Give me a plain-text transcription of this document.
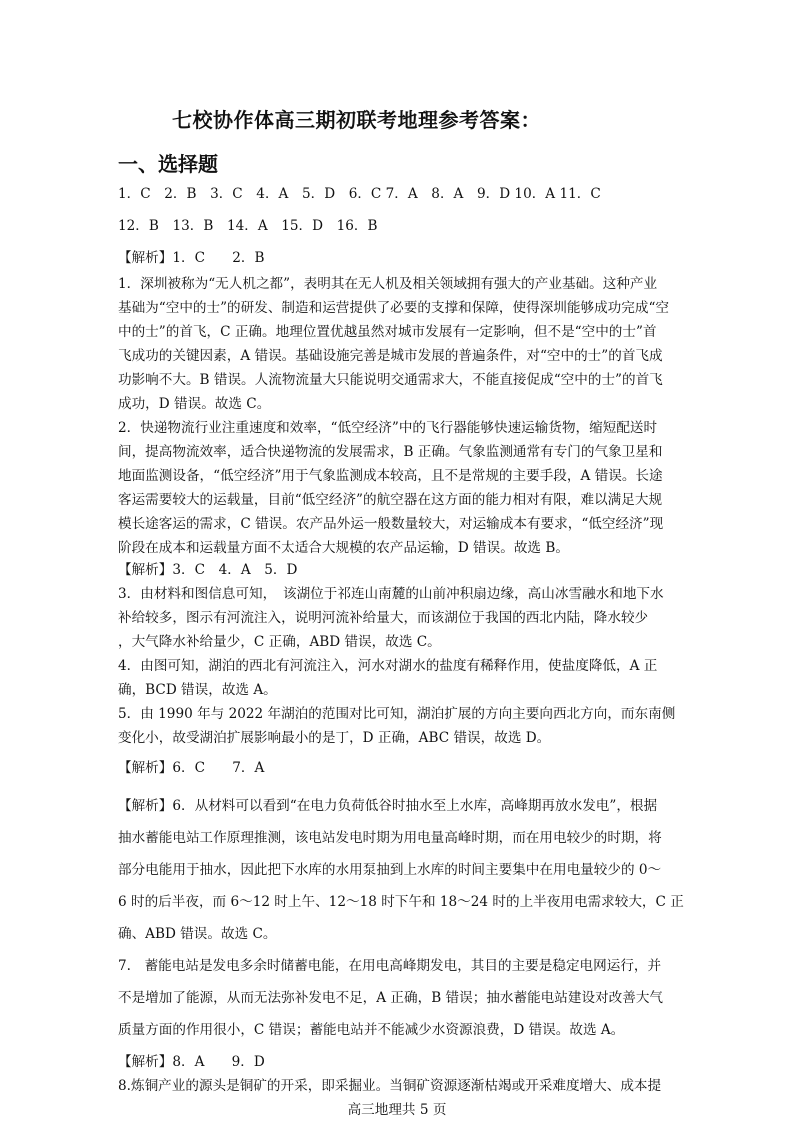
七校协作体高三期初联考地理参考答案：
一、选择题
1．C　2．B　3．C　4．A　5．D　6．C 7．A　8．A　9．D 10．A 11．C
12．B　13．B　14．A　15．D　16．B
【解析】1．C　　2．B
1．深圳被称为“无人机之都”，表明其在无人机及相关领域拥有强大的产业基础。这种产业
基础为“空中的士”的研发、制造和运营提供了必要的支撑和保障，使得深圳能够成功完成“空
中的士”的首飞，C 正确。地理位置优越虽然对城市发展有一定影响，但不是“空中的士”首
飞成功的关键因素，A 错误。基础设施完善是城市发展的普遍条件，对“空中的士”的首飞成
功影响不大。B 错误。人流物流量大只能说明交通需求大，不能直接促成“空中的士”的首飞
成功，D 错误。故选 C。
2．快递物流行业注重速度和效率，“低空经济”中的飞行器能够快速运输货物，缩短配送时
间，提高物流效率，适合快递物流的发展需求，B 正确。气象监测通常有专门的气象卫星和
地面监测设备，“低空经济”用于气象监测成本较高，且不是常规的主要手段，A 错误。长途
客运需要较大的运载量，目前“低空经济”的航空器在这方面的能力相对有限，难以满足大规
模长途客运的需求，C 错误。农产品外运一般数量较大，对运输成本有要求，“低空经济”现
阶段在成本和运载量方面不太适合大规模的农产品运输，D 错误。故选 B。
【解析】3．C　4．A　5．D
3．由材料和图信息可知，　该湖位于祁连山南麓的山前冲积扇边缘，高山冰雪融水和地下水
补给较多，图示有河流注入，说明河流补给量大，而该湖位于我国的西北内陆，降水较少
，大气降水补给量少，C 正确，ABD 错误，故选 C。
4．由图可知，湖泊的西北有河流注入，河水对湖水的盐度有稀释作用，使盐度降低，A 正
确，BCD 错误，故选 A。
5．由 1990 年与 2022 年湖泊的范围对比可知，湖泊扩展的方向主要向西北方向，而东南侧
变化小，故受湖泊扩展影响最小的是丁，D 正确，ABC 错误，故选 D。
【解析】6．C　　7．A
【解析】6．从材料可以看到“在电力负荷低谷时抽水至上水库，高峰期再放水发电”，根据
抽水蓄能电站工作原理推测，该电站发电时期为用电量高峰时期，而在用电较少的时期，将
部分电能用于抽水，因此把下水库的水用泵抽到上水库的时间主要集中在用电量较少的 0～
6 时的后半夜，而 6～12 时上午、12～18 时下午和 18～24 时的上半夜用电需求较大，C 正
确、ABD 错误。故选 C。
7.　蓄能电站是发电多余时储蓄电能，在用电高峰期发电，其目的主要是稳定电网运行，并
不是增加了能源，从而无法弥补发电不足，A 正确，B 错误；抽水蓄能电站建设对改善大气
质量方面的作用很小，C 错误；蓄能电站并不能减少水资源浪费，D 错误。故选 A。
【解析】8．A　　9．D
8.炼铜产业的源头是铜矿的开采，即采掘业。当铜矿资源逐渐枯竭或开采难度增大、成本提
高三地理共 5 页
